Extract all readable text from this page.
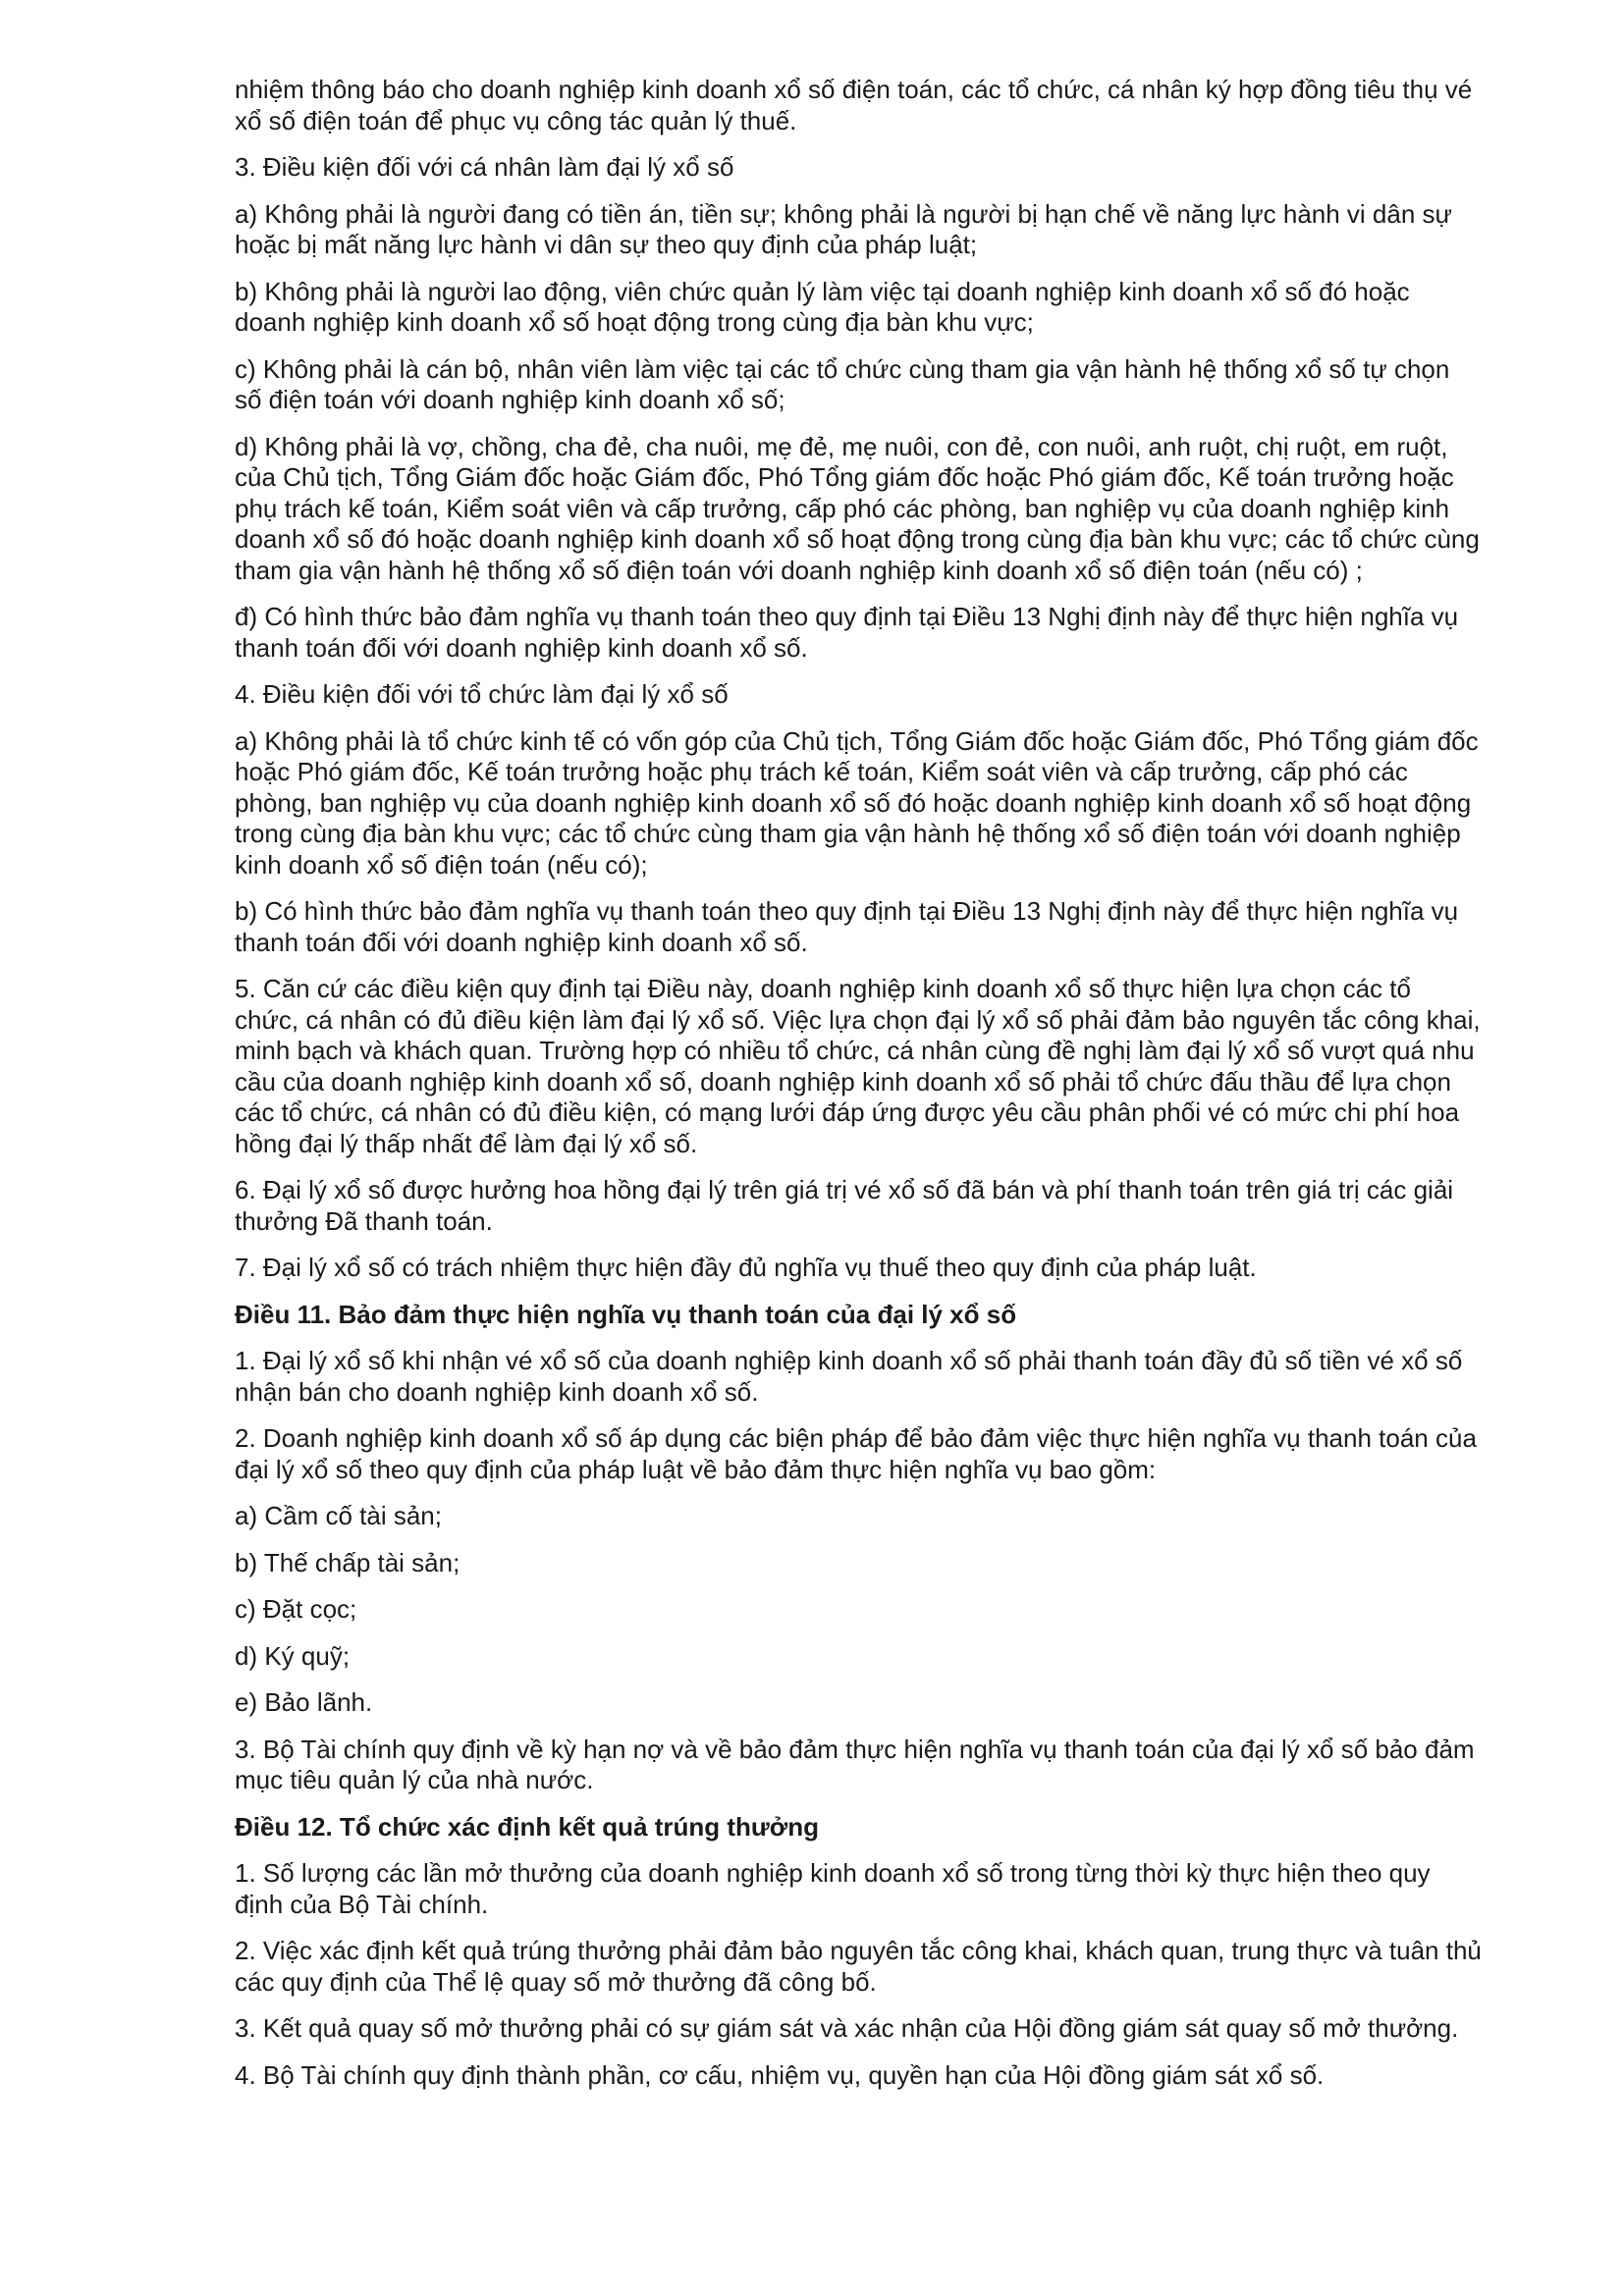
nhiệm thông báo cho doanh nghiệp kinh doanh xổ số điện toán, các tổ chức, cá nhân ký hợp đồng tiêu thụ vé xổ số điện toán để phục vụ công tác quản lý thuế.

3. Điều kiện đối với cá nhân làm đại lý xổ số

a) Không phải là người đang có tiền án, tiền sự; không phải là người bị hạn chế về năng lực hành vi dân sự hoặc bị mất năng lực hành vi dân sự theo quy định của pháp luật;

b) Không phải là người lao động, viên chức quản lý làm việc tại doanh nghiệp kinh doanh xổ số đó hoặc doanh nghiệp kinh doanh xổ số hoạt động trong cùng địa bàn khu vực;

c) Không phải là cán bộ, nhân viên làm việc tại các tổ chức cùng tham gia vận hành hệ thống xổ số tự chọn số điện toán với doanh nghiệp kinh doanh xổ số;

d) Không phải là vợ, chồng, cha đẻ, cha nuôi, mẹ đẻ, mẹ nuôi, con đẻ, con nuôi, anh ruột, chị ruột, em ruột, của Chủ tịch, Tổng Giám đốc hoặc Giám đốc, Phó Tổng giám đốc hoặc Phó giám đốc, Kế toán trưởng hoặc phụ trách kế toán, Kiểm soát viên và cấp trưởng, cấp phó các phòng, ban nghiệp vụ của doanh nghiệp kinh doanh xổ số đó hoặc doanh nghiệp kinh doanh xổ số hoạt động trong cùng địa bàn khu vực; các tổ chức cùng tham gia vận hành hệ thống xổ số điện toán với doanh nghiệp kinh doanh xổ số điện toán (nếu có) ;

đ) Có hình thức bảo đảm nghĩa vụ thanh toán theo quy định tại Điều 13 Nghị định này để thực hiện nghĩa vụ thanh toán đối với doanh nghiệp kinh doanh xổ số.

4. Điều kiện đối với tổ chức làm đại lý xổ số

a) Không phải là tổ chức kinh tế có vốn góp của Chủ tịch, Tổng Giám đốc hoặc Giám đốc, Phó Tổng giám đốc hoặc Phó giám đốc, Kế toán trưởng hoặc phụ trách kế toán, Kiểm soát viên và cấp trưởng, cấp phó các phòng, ban nghiệp vụ của doanh nghiệp kinh doanh xổ số đó hoặc doanh nghiệp kinh doanh xổ số hoạt động trong cùng địa bàn khu vực; các tổ chức cùng tham gia vận hành hệ thống xổ số điện toán với doanh nghiệp kinh doanh xổ số điện toán (nếu có);

b) Có hình thức bảo đảm nghĩa vụ thanh toán theo quy định tại Điều 13 Nghị định này để thực hiện nghĩa vụ thanh toán đối với doanh nghiệp kinh doanh xổ số.

5. Căn cứ các điều kiện quy định tại Điều này, doanh nghiệp kinh doanh xổ số thực hiện lựa chọn các tổ chức, cá nhân có đủ điều kiện làm đại lý xổ số. Việc lựa chọn đại lý xổ số phải đảm bảo nguyên tắc công khai, minh bạch và khách quan. Trường hợp có nhiều tổ chức, cá nhân cùng đề nghị làm đại lý xổ số vượt quá nhu cầu của doanh nghiệp kinh doanh xổ số, doanh nghiệp kinh doanh xổ số phải tổ chức đấu thầu để lựa chọn các tổ chức, cá nhân có đủ điều kiện, có mạng lưới đáp ứng được yêu cầu phân phối vé có mức chi phí hoa hồng đại lý thấp nhất để làm đại lý xổ số.

6. Đại lý xổ số được hưởng hoa hồng đại lý trên giá trị vé xổ số đã bán và phí thanh toán trên giá trị các giải thưởng Đã thanh toán.

7. Đại lý xổ số có trách nhiệm thực hiện đầy đủ nghĩa vụ thuế theo quy định của pháp luật.

Điều 11. Bảo đảm thực hiện nghĩa vụ thanh toán của đại lý xổ số

1. Đại lý xổ số khi nhận vé xổ số của doanh nghiệp kinh doanh xổ số phải thanh toán đầy đủ số tiền vé xổ số nhận bán cho doanh nghiệp kinh doanh xổ số.

2. Doanh nghiệp kinh doanh xổ số áp dụng các biện pháp để bảo đảm việc thực hiện nghĩa vụ thanh toán của đại lý xổ số theo quy định của pháp luật về bảo đảm thực hiện nghĩa vụ bao gồm:

a) Cầm cố tài sản;

b) Thế chấp tài sản;

c) Đặt cọc;

d) Ký quỹ;

e) Bảo lãnh.

3. Bộ Tài chính quy định về kỳ hạn nợ và về bảo đảm thực hiện nghĩa vụ thanh toán của đại lý xổ số bảo đảm mục tiêu quản lý của nhà nước.

Điều 12. Tổ chức xác định kết quả trúng thưởng

1. Số lượng các lần mở thưởng của doanh nghiệp kinh doanh xổ số trong từng thời kỳ thực hiện theo quy định của Bộ Tài chính.

2. Việc xác định kết quả trúng thưởng phải đảm bảo nguyên tắc công khai, khách quan, trung thực và tuân thủ các quy định của Thể lệ quay số mở thưởng đã công bố.

3. Kết quả quay số mở thưởng phải có sự giám sát và xác nhận của Hội đồng giám sát quay số mở thưởng.

4. Bộ Tài chính quy định thành phần, cơ cấu, nhiệm vụ, quyền hạn của Hội đồng giám sát xổ số.
